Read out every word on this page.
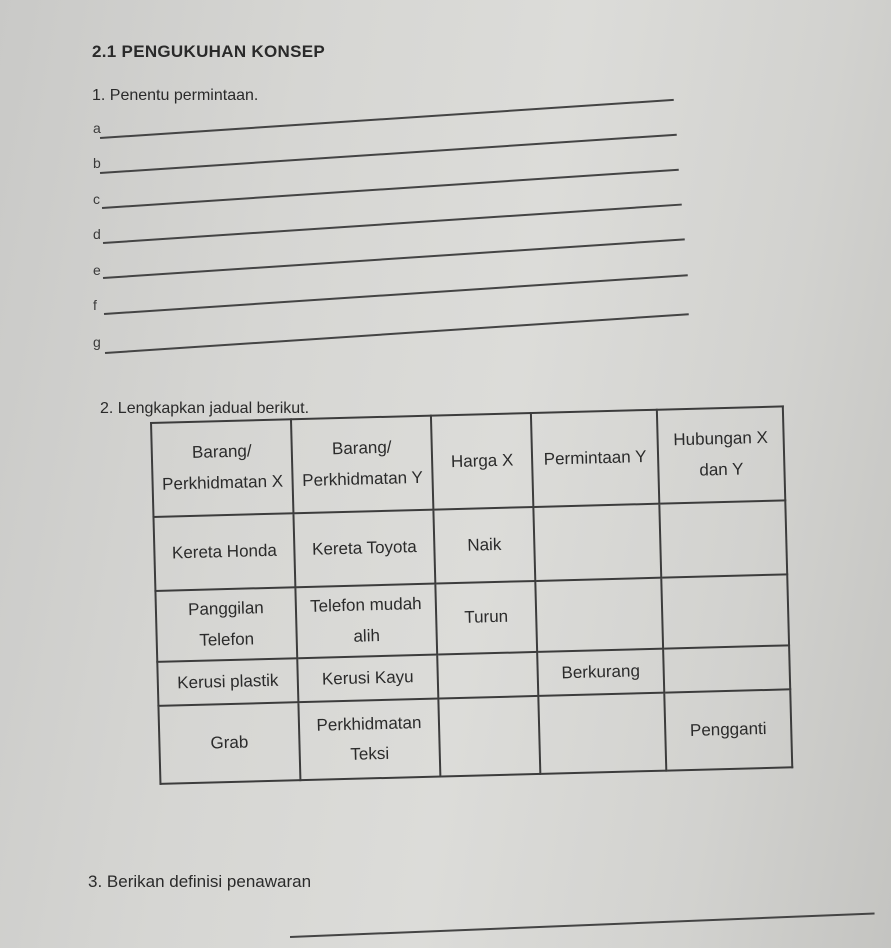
2.1 PENGUKUHAN KONSEP
1. Penentu permintaan.
a
b
c
d
e
f
g
2. Lengkapkan jadual berikut.
Barang/ Perkhidmatan X	Barang/ Perkhidmatan Y	Harga X	Permintaan Y	Hubungan X dan Y
Kereta Honda	Kereta Toyota	Naik		
Panggilan Telefon	Telefon mudah alih	Turun		
Kerusi plastik	Kerusi Kayu		Berkurang	
Grab	Perkhidmatan Teksi			Pengganti
3. Berikan definisi penawaran
